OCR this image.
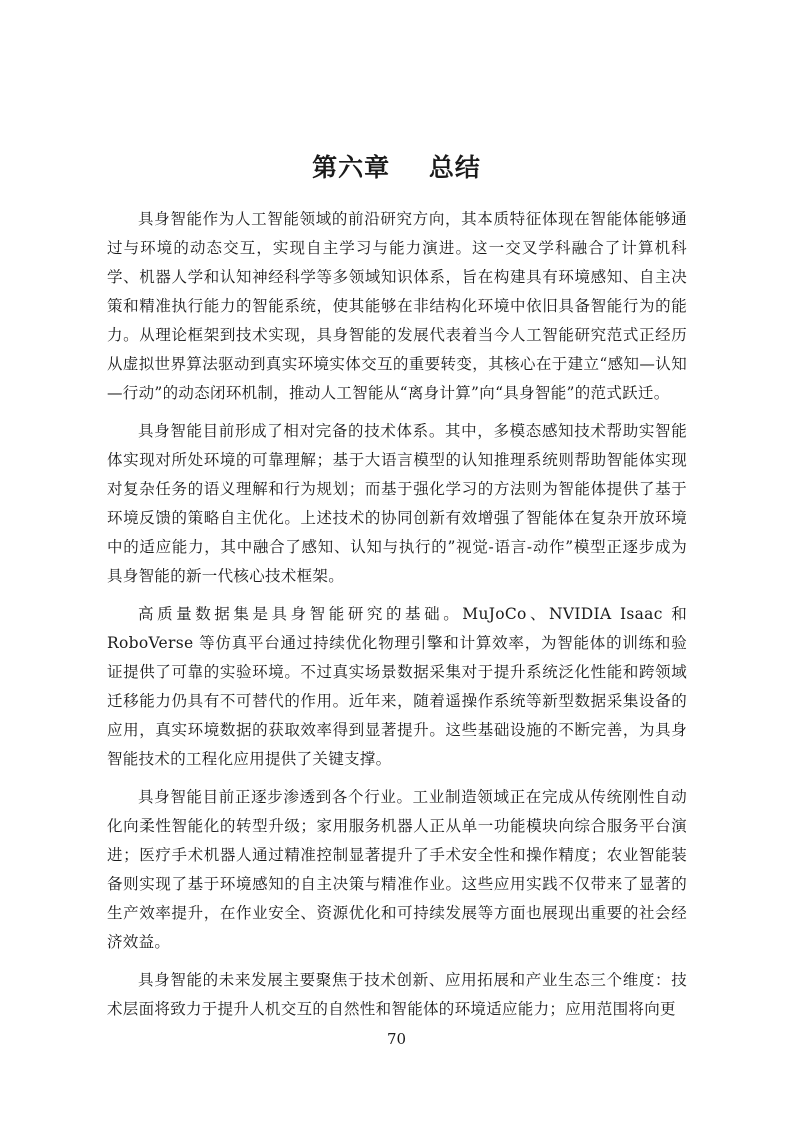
第六章    总结

具身智能作为人工智能领域的前沿研究方向，其本质特征体现在智能体能够通过与环境的动态交互，实现自主学习与能力演进。这一交叉学科融合了计算机科学、机器人学和认知神经科学等多领域知识体系，旨在构建具有环境感知、自主决策和精准执行能力的智能系统，使其能够在非结构化环境中依旧具备智能行为的能力。从理论框架到技术实现，具身智能的发展代表着当今人工智能研究范式正经历从虚拟世界算法驱动到真实环境实体交互的重要转变，其核心在于建立“感知—认知—行动”的动态闭环机制，推动人工智能从“离身计算”向“具身智能”的范式跃迁。

具身智能目前形成了相对完备的技术体系。其中，多模态感知技术帮助实智能体实现对所处环境的可靠理解；基于大语言模型的认知推理系统则帮助智能体实现对复杂任务的语义理解和行为规划；而基于强化学习的方法则为智能体提供了基于环境反馈的策略自主优化。上述技术的协同创新有效增强了智能体在复杂开放环境中的适应能力，其中融合了感知、认知与执行的”视觉-语言-动作”模型正逐步成为具身智能的新一代核心技术框架。

高质量数据集是具身智能研究的基础。MuJoCo、NVIDIA Isaac 和 RoboVerse 等仿真平台通过持续优化物理引擎和计算效率，为智能体的训练和验证提供了可靠的实验环境。不过真实场景数据采集对于提升系统泛化性能和跨领域迁移能力仍具有不可替代的作用。近年来，随着遥操作系统等新型数据采集设备的应用，真实环境数据的获取效率得到显著提升。这些基础设施的不断完善，为具身智能技术的工程化应用提供了关键支撑。

具身智能目前正逐步渗透到各个行业。工业制造领域正在完成从传统刚性自动化向柔性智能化的转型升级；家用服务机器人正从单一功能模块向综合服务平台演进；医疗手术机器人通过精准控制显著提升了手术安全性和操作精度；农业智能装备则实现了基于环境感知的自主决策与精准作业。这些应用实践不仅带来了显著的生产效率提升，在作业安全、资源优化和可持续发展等方面也展现出重要的社会经济效益。

具身智能的未来发展主要聚焦于技术创新、应用拓展和产业生态三个维度：技术层面将致力于提升人机交互的自然性和智能体的环境适应能力；应用范围将向更

70
